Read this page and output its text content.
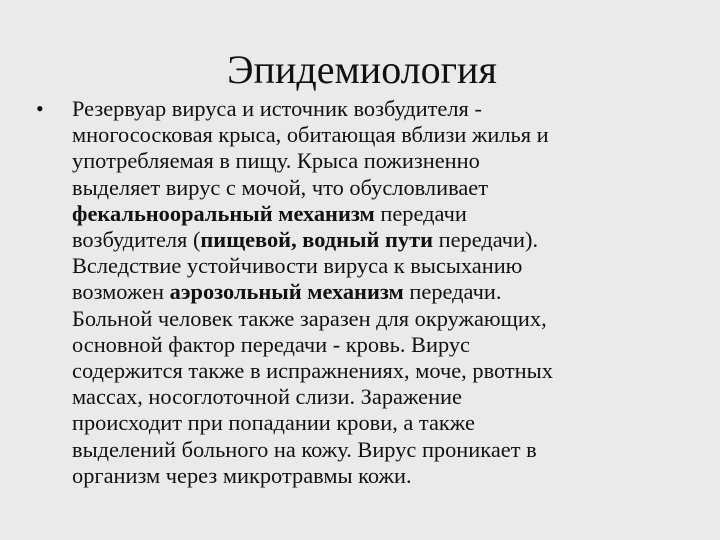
Эпидемиология
•	Резервуар вируса и источник возбудителя -
многососковая крыса, обитающая вблизи жилья и
употребляемая в пищу. Крыса пожизненно
выделяет вирус с мочой, что обусловливает
фекальнооральный механизм передачи
возбудителя (пищевой, водный пути передачи).
Вследствие устойчивости вируса к высыханию
возможен аэрозольный механизм передачи.
Больной человек также заразен для окружающих,
основной фактор передачи - кровь. Вирус
содержится также в испражнениях, моче, рвотных
массах, носоглоточной слизи. Заражение
происходит при попадании крови, а также
выделений больного на кожу. Вирус проникает в
организм через микротравмы кожи.
